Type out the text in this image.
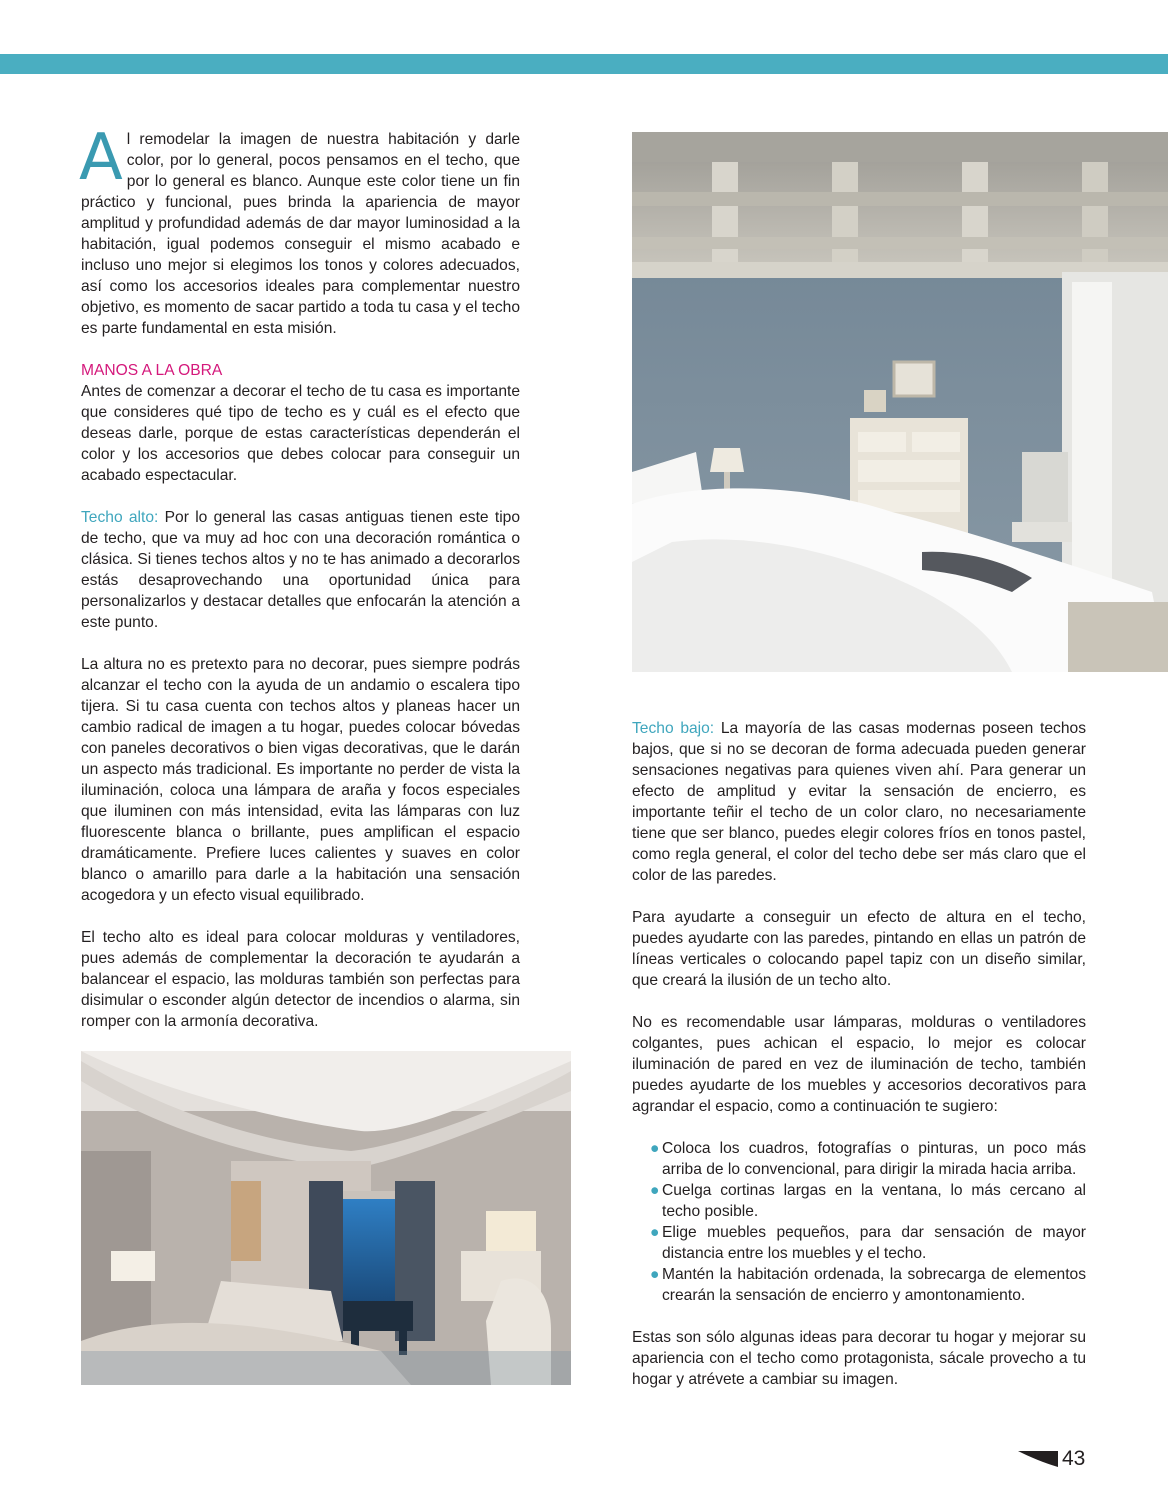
Al remodelar la imagen de nuestra habitación y darle color, por lo general, pocos pensamos en el techo, que por lo general es blanco. Aunque este color tiene un fin práctico y funcional, pues brinda la apariencia de mayor amplitud y profundidad además de dar mayor luminosidad a la habitación, igual podemos conseguir el mismo acabado e incluso uno mejor si elegimos los tonos y colores adecuados, así como los accesorios ideales para complementar nuestro objetivo, es momento de sacar partido a toda tu casa y el techo es parte fundamental en esta misión.

MANOS A LA OBRA
Antes de comenzar a decorar el techo de tu casa es importante que consideres qué tipo de techo es y cuál es el efecto que deseas darle, porque de estas características dependerán el color y los accesorios que debes colocar para conseguir un acabado espectacular.

Techo alto: Por lo general las casas antiguas tienen este tipo de techo, que va muy ad hoc con una decoración romántica o clásica. Si tienes techos altos y no te has animado a decorarlos estás desaprovechando una oportunidad única para personalizarlos y destacar detalles que enfocarán la atención a este punto.

La altura no es pretexto para no decorar, pues siempre podrás alcanzar el techo con la ayuda de un andamio o escalera tipo tijera. Si tu casa cuenta con techos altos y planeas hacer un cambio radical de imagen a tu hogar, puedes colocar bóvedas con paneles decorativos o bien vigas decorativas, que le darán un aspecto más tradicional. Es importante no perder de vista la iluminación, coloca una lámpara de araña y focos especiales que iluminen con más intensidad, evita las lámparas con luz fluorescente blanca o brillante, pues amplifican el espacio dramáticamente. Prefiere luces calientes y suaves en color blanco o amarillo para darle a la habitación una sensación acogedora y un efecto visual equilibrado.

El techo alto es ideal para colocar molduras y ventiladores, pues además de complementar la decoración te ayudarán a balancear el espacio, las molduras también son perfectas para disimular o esconder algún detector de incendios o alarma, sin romper con la armonía decorativa.

Techo bajo: La mayoría de las casas modernas poseen techos bajos, que si no se decoran de forma adecuada pueden generar sensaciones negativas para quienes viven ahí. Para generar un efecto de amplitud y evitar la sensación de encierro, es importante teñir el techo de un color claro, no necesariamente tiene que ser blanco, puedes elegir colores fríos en tonos pastel, como regla general, el color del techo debe ser más claro que el color de las paredes.

Para ayudarte a conseguir un efecto de altura en el techo, puedes ayudarte con las paredes, pintando en ellas un patrón de líneas verticales o colocando papel tapiz con un diseño similar, que creará la ilusión de un techo alto.

No es recomendable usar lámparas, molduras o ventiladores colgantes, pues achican el espacio, lo mejor es colocar iluminación de pared en vez de iluminación de techo, también puedes ayudarte de los muebles y accesorios decorativos para agrandar el espacio, como a continuación te sugiero:

● Coloca los cuadros, fotografías o pinturas, un poco más arriba de lo convencional, para dirigir la mirada hacia arriba.
● Cuelga cortinas largas en la ventana, lo más cercano al techo posible.
● Elige muebles pequeños, para dar sensación de mayor distancia entre los muebles y el techo.
● Mantén la habitación ordenada, la sobrecarga de elementos crearán la sensación de encierro y amontonamiento.

Estas son sólo algunas ideas para decorar tu hogar y mejorar su apariencia con el techo como protagonista, sácale provecho a tu hogar y atrévete a cambiar su imagen.

43
